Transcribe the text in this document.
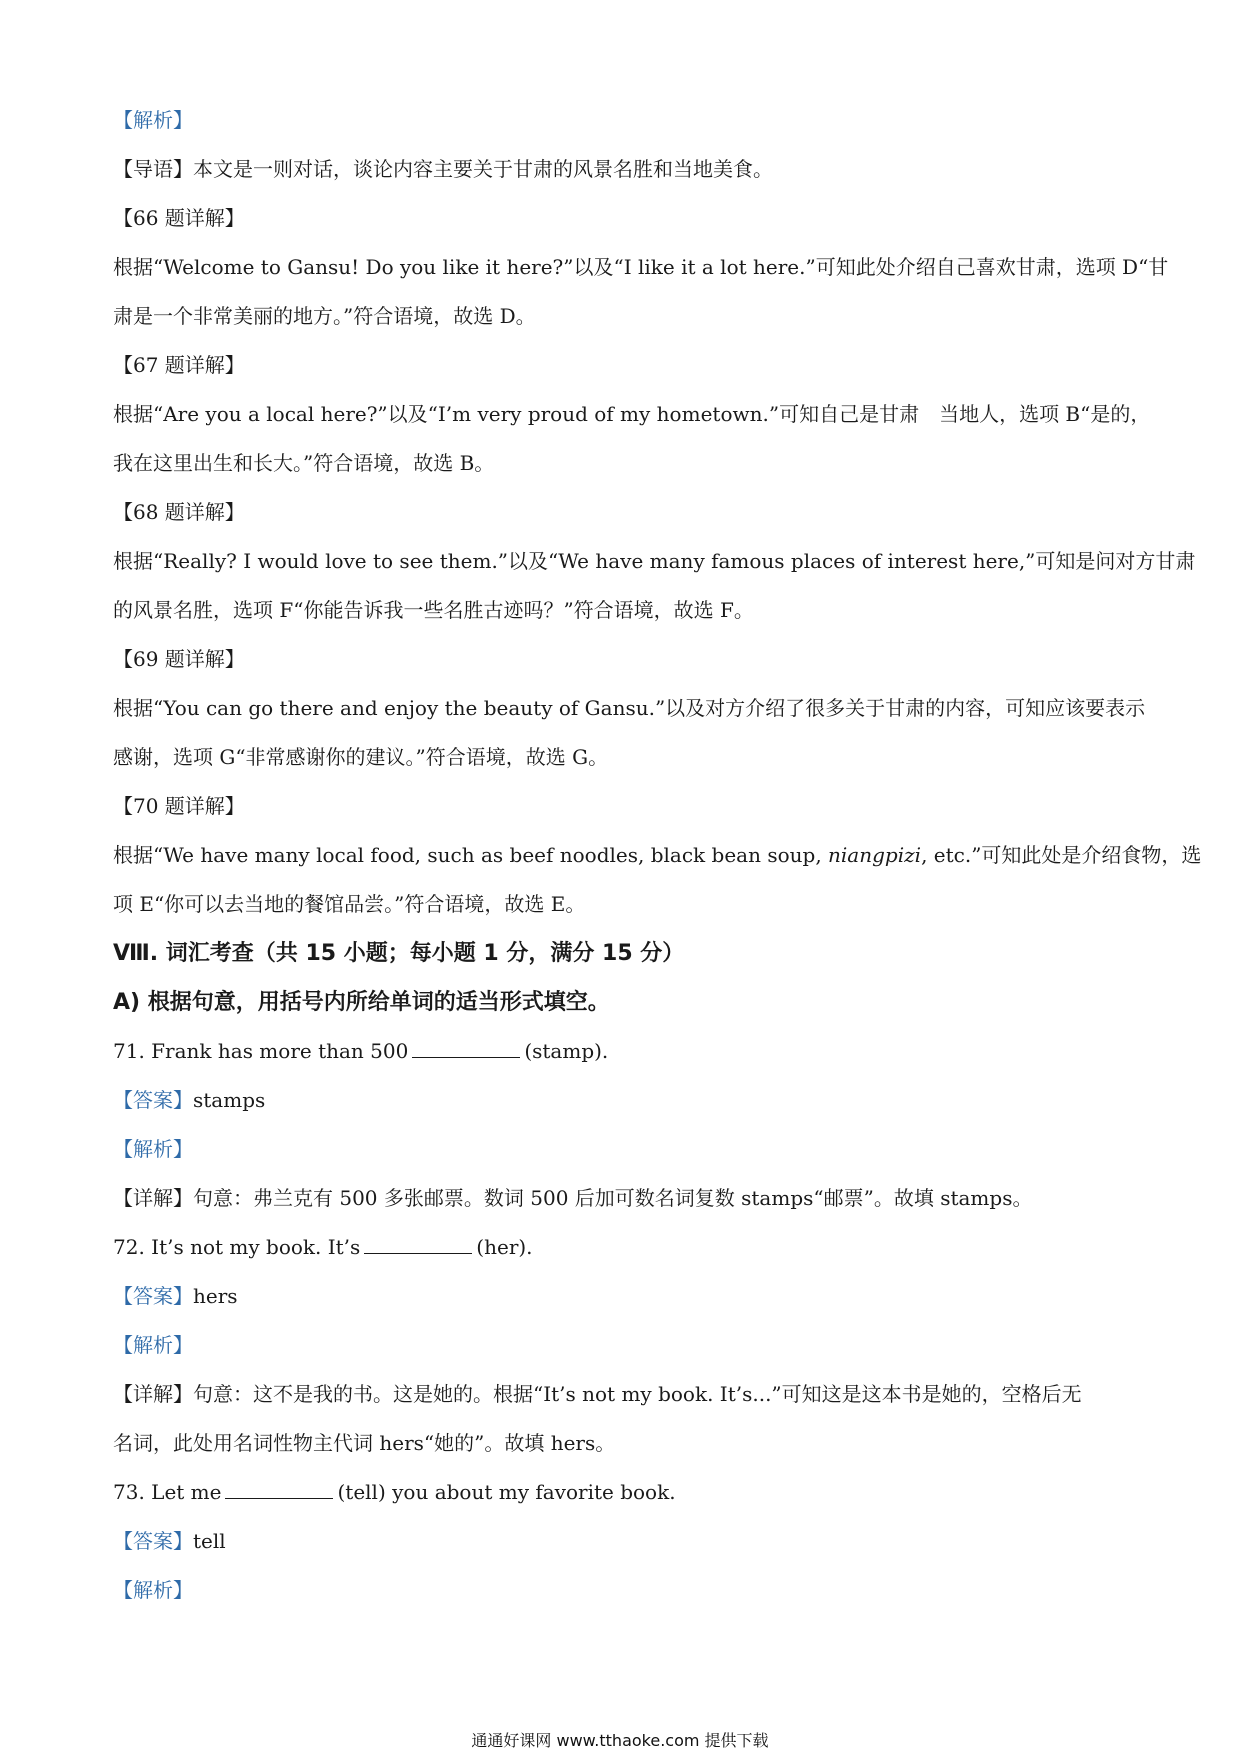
【解析】
【导语】本文是一则对话，谈论内容主要关于甘肃的风景名胜和当地美食。
【66 题详解】
根据“Welcome to Gansu! Do you like it here?”以及“I like it a lot here.”可知此处介绍自己喜欢甘肃，选项 D“甘
肃是一个非常美丽的地方。”符合语境，故选 D。
【67 题详解】
根据“Are you a local here?”以及“I’m very proud of my hometown.”可知自己是甘肃　当地人，选项 B“是的，
我在这里出生和长大。”符合语境，故选 B。
【68 题详解】
根据“Really? I would love to see them.”以及“We have many famous places of interest here,”可知是问对方甘肃
的风景名胜，选项 F“你能告诉我一些名胜古迹吗？”符合语境，故选 F。
【69 题详解】
根据“You can go there and enjoy the beauty of Gansu.”以及对方介绍了很多关于甘肃的内容，可知应该要表示
感谢，选项 G“非常感谢你的建议。”符合语境，故选 G。
【70 题详解】
根据“We have many local food, such as beef noodles, black bean soup, niangpizi, etc.”可知此处是介绍食物，选
项 E“你可以去当地的餐馆品尝。”符合语境，故选 E。
Ⅷ. 词汇考查（共 15 小题；每小题 1 分，满分 15 分）
A) 根据句意，用括号内所给单词的适当形式填空。
71. Frank has more than 500	(stamp).
【答案】stamps
【解析】
【详解】句意：弗兰克有 500 多张邮票。数词 500 后加可数名词复数 stamps“邮票”。故填 stamps。
72. It’s not my book. It’s	(her).
【答案】hers
【解析】
【详解】句意：这不是我的书。这是她的。根据“It’s not my book. It’s...”可知这是这本书是她的，空格后无
名词，此处用名词性物主代词 hers“她的”。故填 hers。
73. Let me	(tell) you about my favorite book.
【答案】tell
【解析】
通通好课网 www.tthaoke.com 提供下载
